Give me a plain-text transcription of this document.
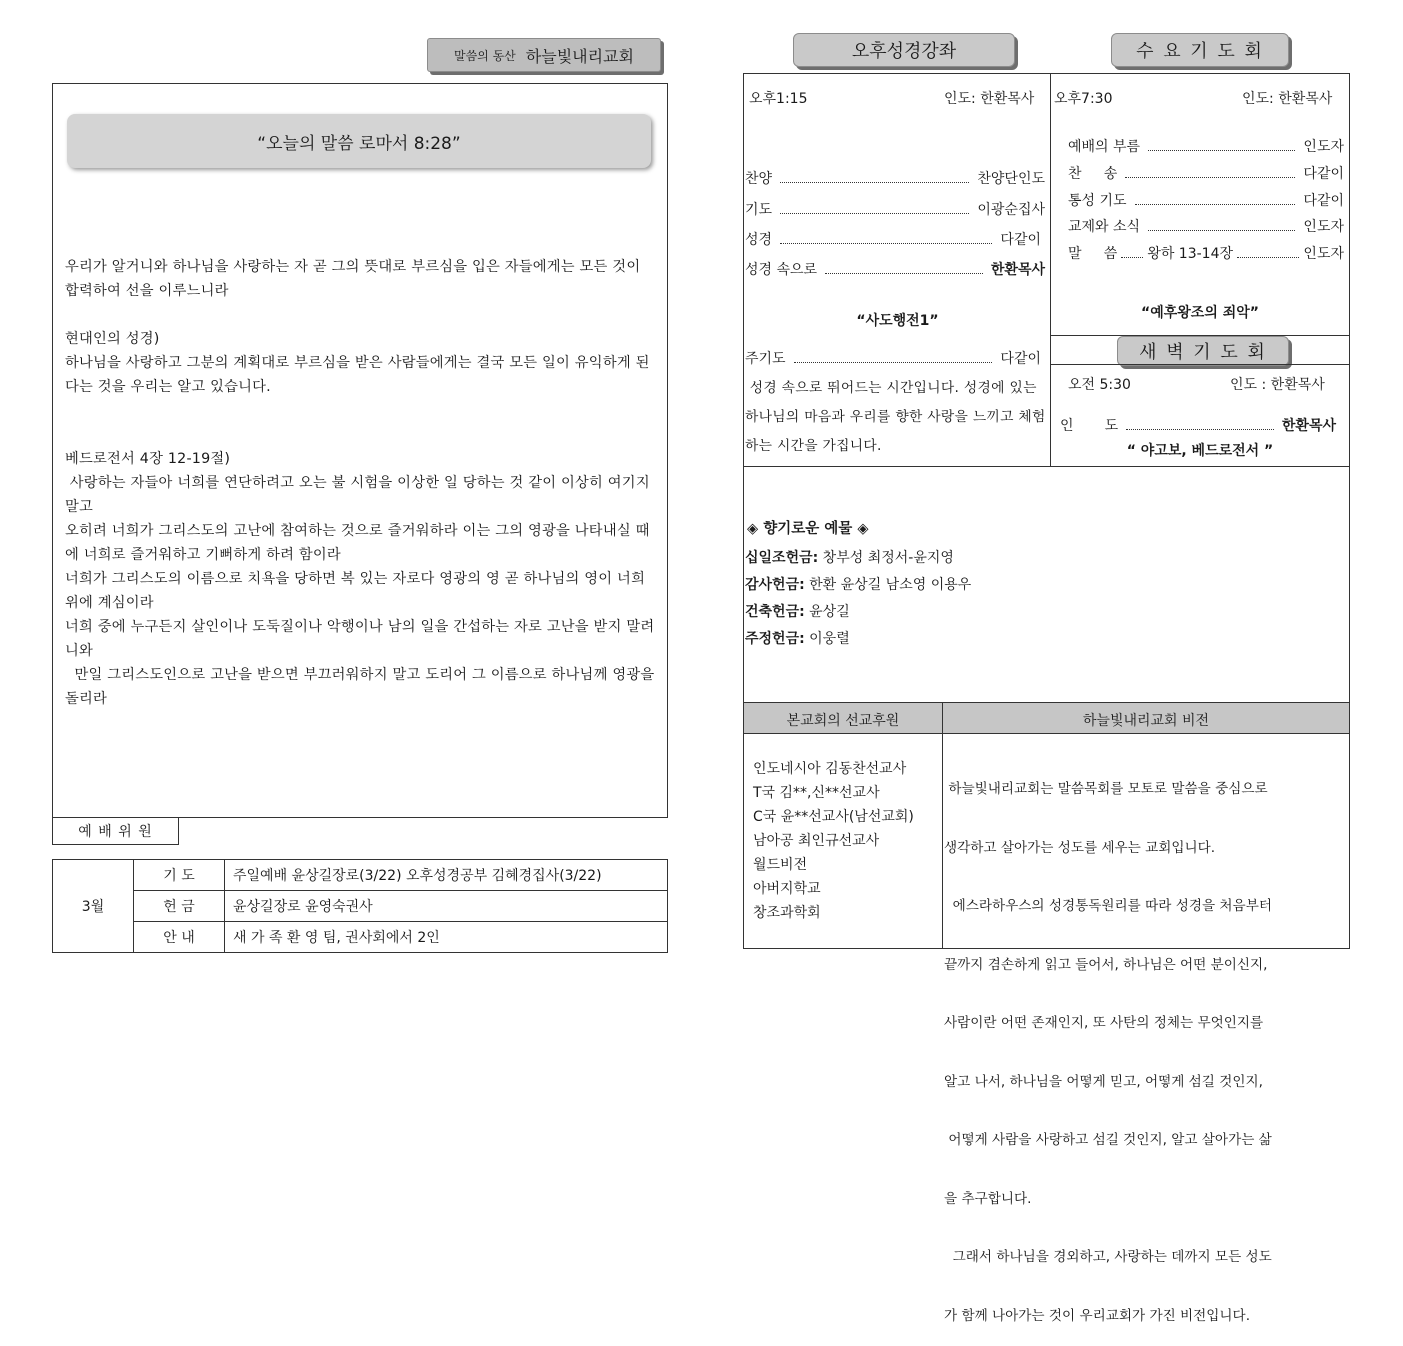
말씀의 동산 하늘빛내리교회
“오늘의 말씀 로마서 8:28”
우리가 알거니와 하나님을 사랑하는 자 곧 그의 뜻대로 부르심을 입은 자들에게는 모든 것이 합력하여 선을 이루느니라
현대인의 성경)
하나님을 사랑하고 그분의 계획대로 부르심을 받은 사람들에게는 결국 모든 일이 유익하게 된다는 것을 우리는 알고 있습니다.
베드로전서 4장 12-19절)
사랑하는 자들아 너희를 연단하려고 오는 불 시험을 이상한 일 당하는 것 같이 이상히 여기지 말고
오히려 너희가 그리스도의 고난에 참여하는 것으로 즐거워하라 이는 그의 영광을 나타내실 때에 너희로 즐거워하고 기뻐하게 하려 함이라
너희가 그리스도의 이름으로 치욕을 당하면 복 있는 자로다 영광의 영 곧 하나님의 영이 너희 위에 계심이라
너희 중에 누구든지 살인이나 도둑질이나 악행이나 남의 일을 간섭하는 자로 고난을 받지 말려니와
만일 그리스도인으로 고난을 받으면 부끄러워하지 말고 도리어 그 이름으로 하나님께 영광을 돌리라
예 배 위 원
3월	기 도	주일예배 윤상길장로(3/22) 오후성경공부 김혜경집사(3/22)
	헌 금	윤상길장로 윤영숙권사
	안 내	새 가 족 환 영 팀, 권사회에서 2인
오후성경강좌	수 요 기 도 회
오후1:15	인도: 한환목사
찬양	찬양단인도
기도	이광순집사
성경	다같이
성경 속으로	한환목사
“사도행전1”
주기도	다같이
성경 속으로 뛰어드는 시간입니다. 성경에 있는 하나님의 마음과 우리를 향한 사랑을 느끼고 체험하는 시간을 가집니다.
오후7:30	인도: 한환목사
예배의 부름	인도자
찬     송	다같이
통성 기도	다같이
교제와 소식	인도자
말     씀 왕하 13-14장	인도자
“예후왕조의 죄악”
새 벽 기 도 회
오전 5:30	인도 : 한환목사
인       도	한환목사
“ 야고보, 베드로전서 ”
◈ 향기로운 예물 ◈
십일조헌금: 창부성 최정서-윤지영
감사헌금: 한환 윤상길 남소영 이용우
건축헌금: 윤상길
주정헌금: 이웅렬
본교회의 선교후원	하늘빛내리교회 비전
인도네시아 김동찬선교사
T국 김**,신**선교사
C국 윤**선교사(남선교회)
남아공 최인규선교사
월드비전
아버지학교
창조과학회

하늘빛내리교회는 말씀목회를 모토로 말씀을 중심으로

생각하고 살아가는 성도를 세우는 교회입니다.

에스라하우스의 성경통독원리를 따라 성경을 처음부터

끝까지 겸손하게 읽고 들어서, 하나님은 어떤 분이신지,

사람이란 어떤 존재인지, 또 사탄의 정체는 무엇인지를

알고 나서, 하나님을 어떻게 믿고, 어떻게 섬길 것인지,

어떻게 사람을 사랑하고 섬길 것인지, 알고 살아가는 삶

을 추구합니다.

그래서 하나님을 경외하고, 사랑하는 데까지 모든 성도

가 함께 나아가는 것이 우리교회가 가진 비전입니다.
